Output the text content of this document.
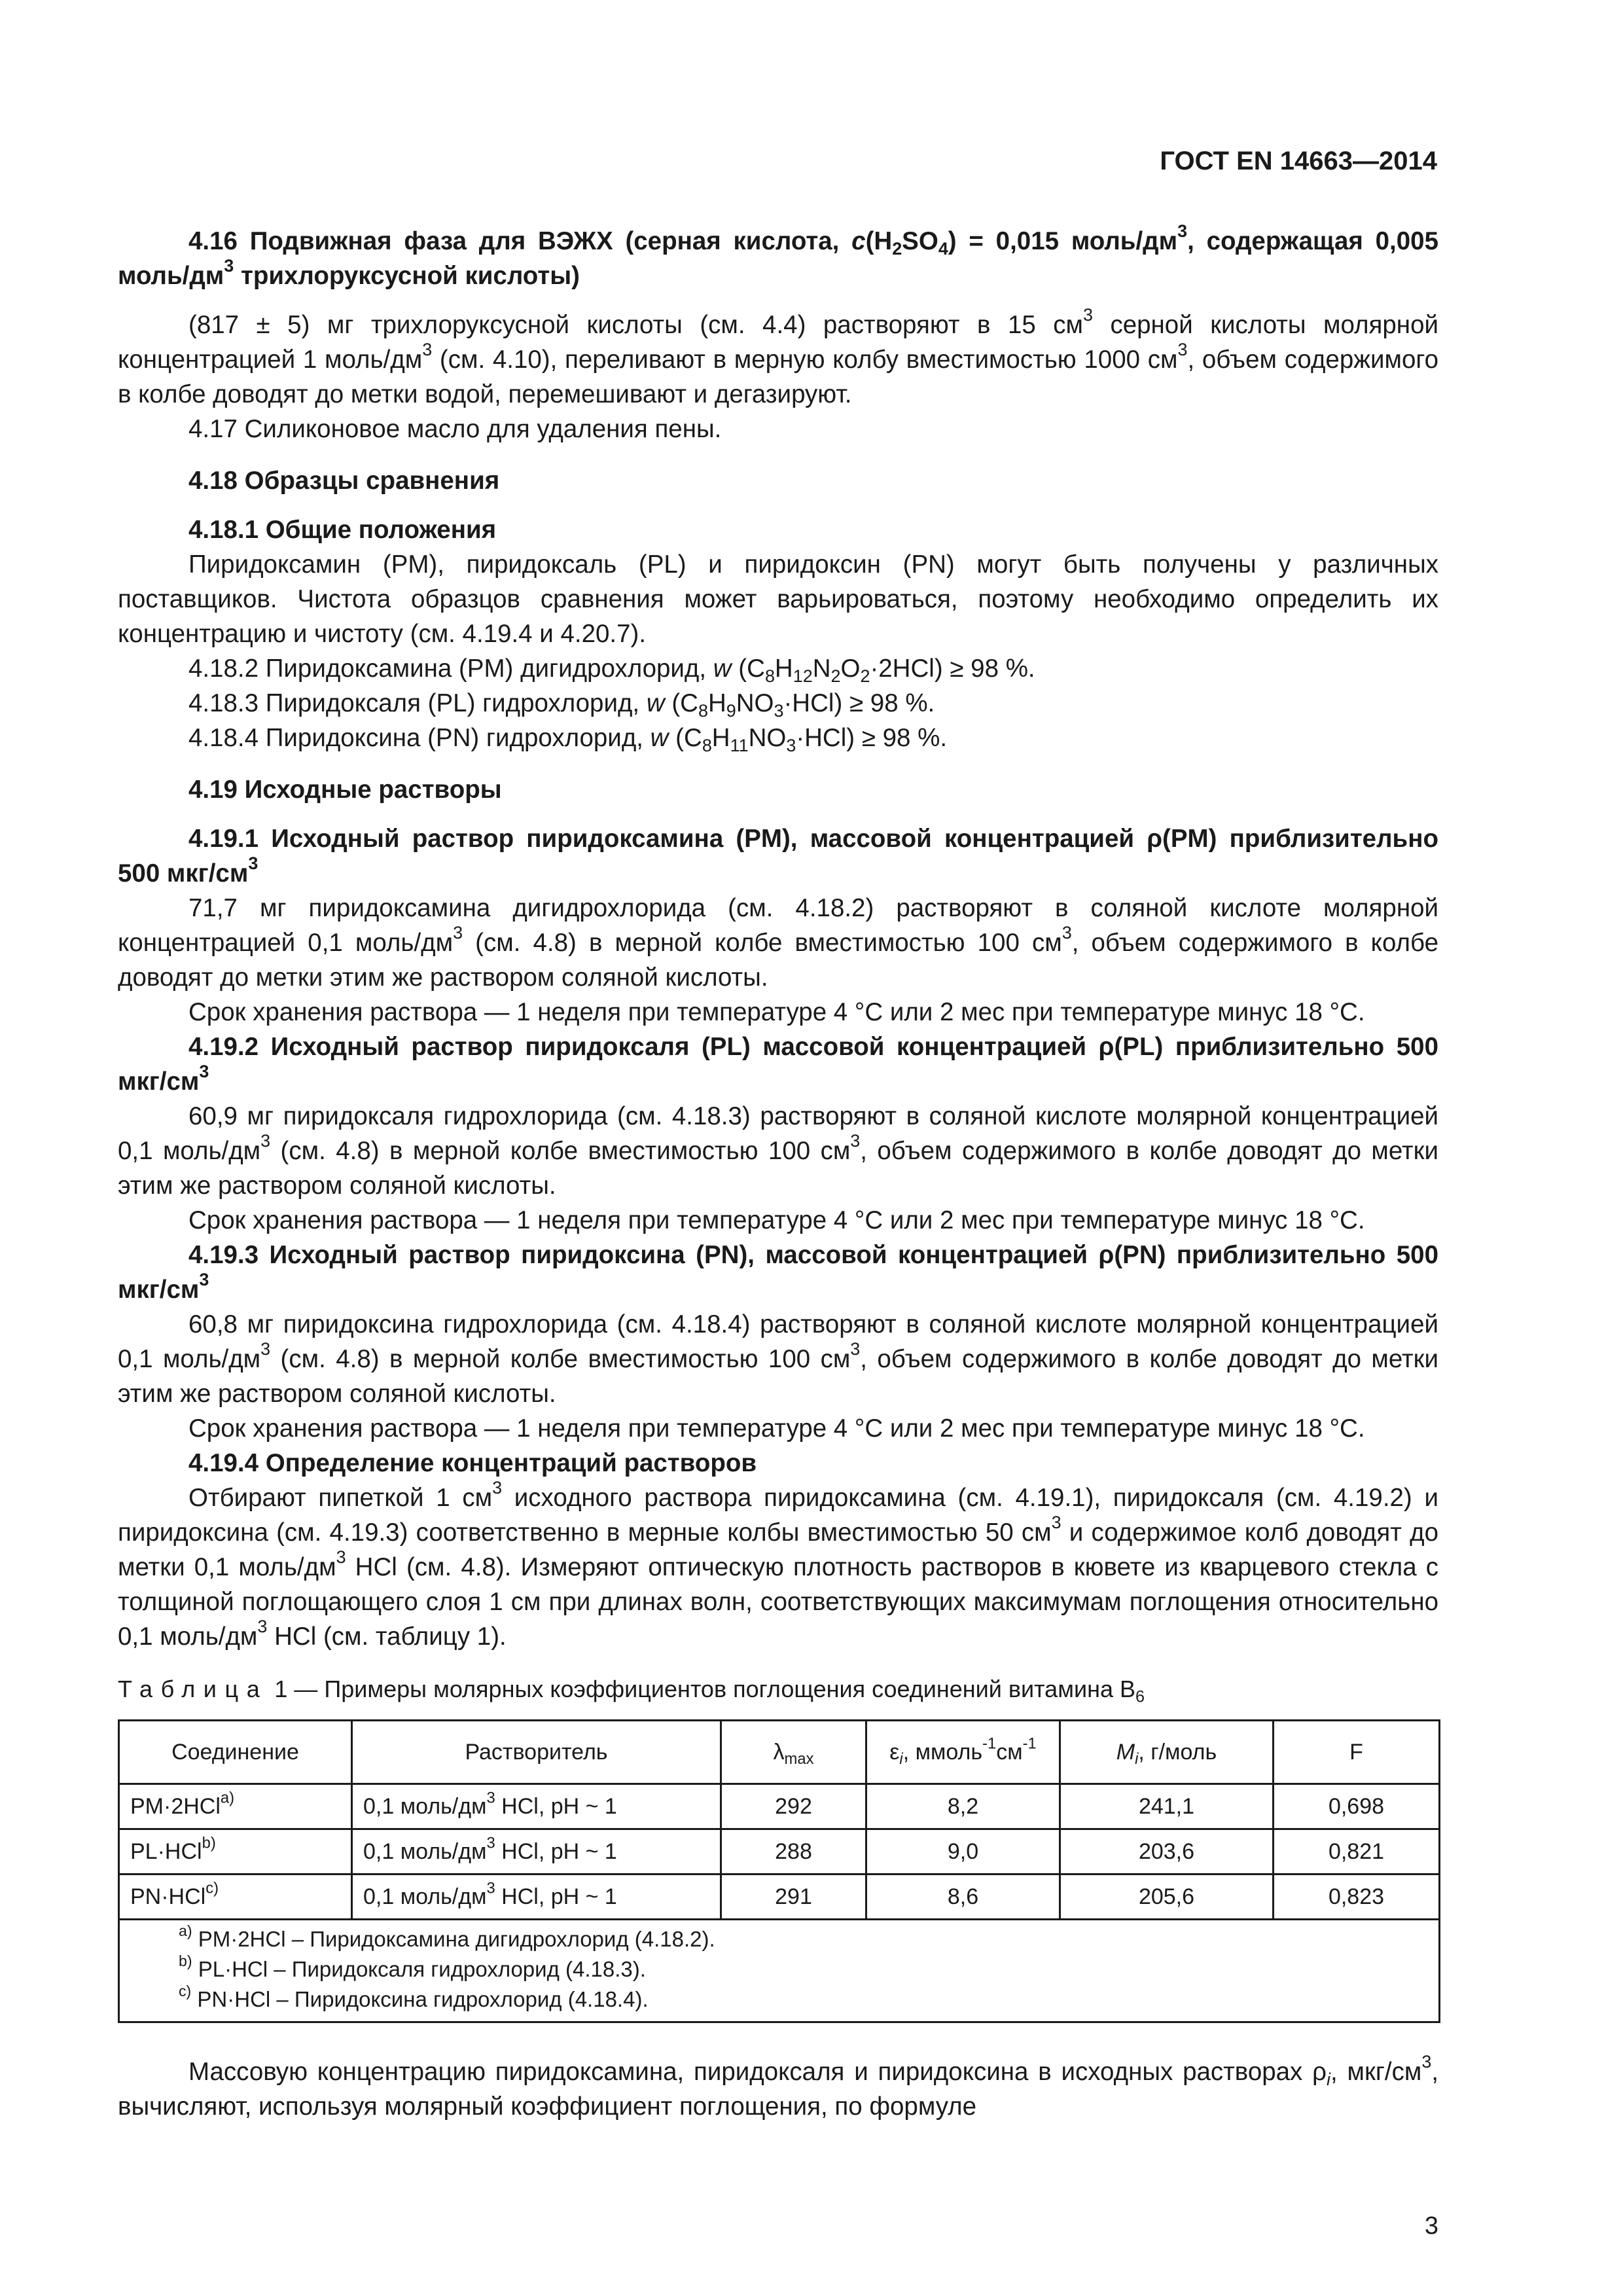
ГОСТ EN 14663—2014

4.16 Подвижная фаза для ВЭЖХ (серная кислота, $c(H_2SO_4) = 0,015$ моль/$дм^3$, содержащая 0,005 моль/$дм^3$ трихлоруксусной кислоты)

(817 ± 5) мг трихлоруксусной кислоты (см. 4.4) растворяют в 15 $см^3$ серной кислоты молярной концентрацией 1 моль/$дм^3$ (см. 4.10), переливают в мерную колбу вместимостью 1000 $см^3$, объем содержимого в колбе доводят до метки водой, перемешивают и дегазируют.

4.17 Силиконовое масло для удаления пены.

4.18 Образцы сравнения

4.18.1 Общие положения

Пиридоксамин (PM), пиридоксаль (PL) и пиридоксин (PN) могут быть получены у различных поставщиков. Чистота образцов сравнения может варьироваться, поэтому необходимо определить их концентрацию и чистоту (см. 4.19.4 и 4.20.7).

4.18.2 Пиридоксамина (PM) дигидрохлорид, w $(C_8H_{12}N_2O_2\cdot 2HCl) \ge 98$ %.

4.18.3 Пиридоксаля (PL) гидрохлорид, w $(C_8H_9NO_3\cdot HCl) \ge 98$ %.

4.18.4 Пиридоксина (PN) гидрохлорид, w $(C_8H_{11}NO_3\cdot HCl) \ge 98$ %.

4.19 Исходные растворы

4.19.1 Исходный раствор пиридоксамина (PM), массовой концентрацией ρ(PM) приблизительно 500 мкг/$см^3$

71,7 мг пиридоксамина дигидрохлорида (см. 4.18.2) растворяют в соляной кислоте молярной концентрацией 0,1 моль/$дм^3$ (см. 4.8) в мерной колбе вместимостью 100 $см^3$, объем содержимого в колбе доводят до метки этим же раствором соляной кислоты.

Срок хранения раствора — 1 неделя при температуре 4 °C или 2 мес при температуре минус 18 °C.

4.19.2 Исходный раствор пиридоксаля (PL) массовой концентрацией ρ(PL) приблизительно 500 мкг/$см^3$

60,9 мг пиридоксаля гидрохлорида (см. 4.18.3) растворяют в соляной кислоте молярной концентрацией 0,1 моль/$дм^3$ (см. 4.8) в мерной колбе вместимостью 100 $см^3$, объем содержимого в колбе доводят до метки этим же раствором соляной кислоты.

Срок хранения раствора — 1 неделя при температуре 4 °C или 2 мес при температуре минус 18 °C.

4.19.3 Исходный раствор пиридоксина (PN), массовой концентрацией ρ(PN) приблизительно 500 мкг/$см^3$

60,8 мг пиридоксина гидрохлорида (см. 4.18.4) растворяют в соляной кислоте молярной концентрацией 0,1 моль/$дм^3$ (см. 4.8) в мерной колбе вместимостью 100 $см^3$, объем содержимого в колбе доводят до метки этим же раствором соляной кислоты.

Срок хранения раствора — 1 неделя при температуре 4 °C или 2 мес при температуре минус 18 °C.

4.19.4 Определение концентраций растворов

Отбирают пипеткой 1 $см^3$ исходного раствора пиридоксамина (см. 4.19.1), пиридоксаля (см. 4.19.2) и пиридоксина (см. 4.19.3) соответственно в мерные колбы вместимостью 50 $см^3$ и содержимое колб доводят до метки 0,1 моль/$дм^3$ HCl (см. 4.8). Измеряют оптическую плотность растворов в кювете из кварцевого стекла с толщиной поглощающего слоя 1 см при длинах волн, соответствующих максимумам поглощения относительно 0,1 моль/$дм^3$ HCl (см. таблицу 1).

Таблица 1 — Примеры молярных коэффициентов поглощения соединений витамина $B_6$

Соединение	Растворитель	$\lambda_{max}$	$\varepsilon_i$, $ммоль^{-1}см^{-1}$	$M_i$, г/моль	F
PM·2HCl$^{a)}$	0,1 моль/$дм^3$ HCl, pH ~ 1	292	8,2	241,1	0,698
PL·HCl$^{b)}$	0,1 моль/$дм^3$ HCl, pH ~ 1	288	9,0	203,6	0,821
PN·HCl$^{c)}$	0,1 моль/$дм^3$ HCl, pH ~ 1	291	8,6	205,6	0,823

$^{a)}$ PM·2HCl – Пиридоксамина дигидрохлорид (4.18.2).
$^{b)}$ PL·HCl – Пиридоксаля гидрохлорид (4.18.3).
$^{c)}$ PN·HCl – Пиридоксина гидрохлорид (4.18.4).					

Массовую концентрацию пиридоксамина, пиридоксаля и пиридоксина в исходных растворах $\rho_i$, мкг/$см^3$, вычисляют, используя молярный коэффициент поглощения, по формуле

3
